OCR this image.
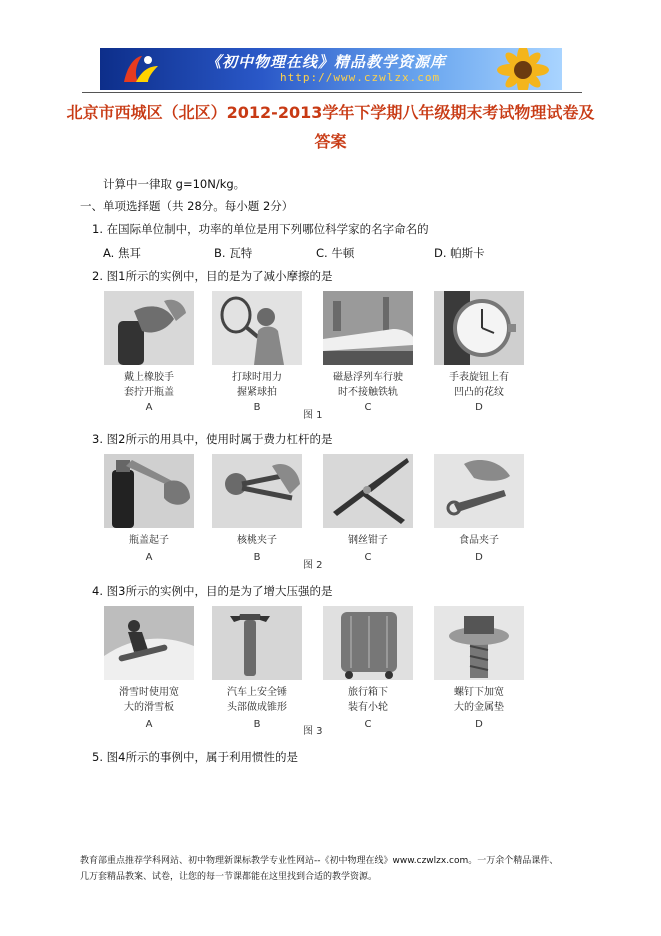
《初中物理在线》精品教学资源库
http://www.czwlzx.com
北京市西城区（北区）2012-2013学年下学期八年级期末考试物理试卷及
答案
计算中一律取 g=10N/kg。
一、单项选择题（共 28分。每小题 2分）
1. 在国际单位制中，功率的单位是用下列哪位科学家的名字命名的
A. 焦耳	B. 瓦特	C. 牛顿	D. 帕斯卡
2. 图1所示的实例中，目的是为了减小摩擦的是
戴上橡胶手
套拧开瓶盖
打球时用力
握紧球拍
磁悬浮列车行驶
时不接触铁轨
手表旋钮上有
凹凸的花纹
A	B	C	D
图 1
3. 图2所示的用具中，使用时属于费力杠杆的是
瓶盖起子	核桃夹子	钢丝钳子	食品夹子
A	B	C	D
图 2
4. 图3所示的实例中，目的是为了增大压强的是
滑雪时使用宽
大的滑雪板
汽车上安全锤
头部做成锥形
旅行箱下
装有小轮
螺钉下加宽
大的金属垫
A	B	C	D
图 3
5. 图4所示的事例中，属于利用惯性的是
教育部重点推荐学科网站、初中物理新课标教学专业性网站--《初中物理在线》www.czwlzx.com。一万余个精品课件、
几万套精品教案、试卷，让您的每一节课都能在这里找到合适的教学资源。
